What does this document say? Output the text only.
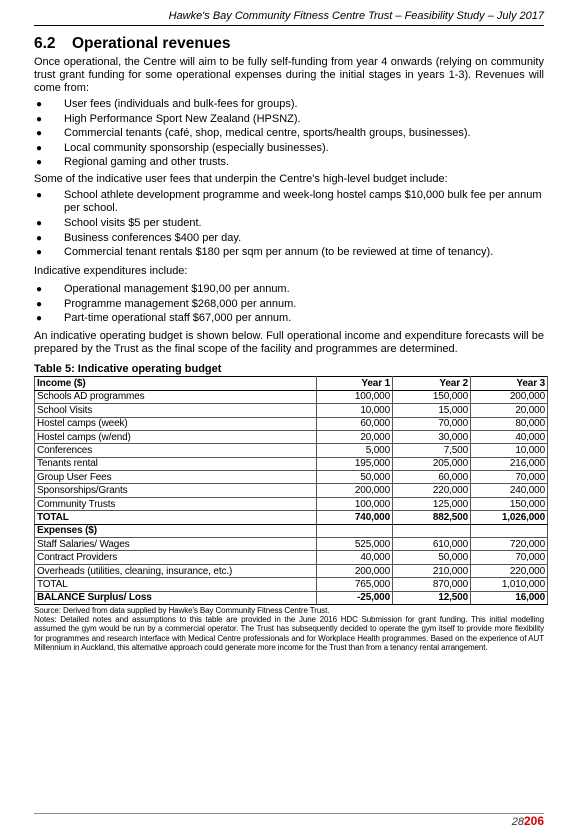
Hawke's Bay Community Fitness Centre Trust – Feasibility Study – July 2017
6.2	Operational revenues

Once operational, the Centre will aim to be fully self-funding from year 4 onwards (relying on community trust grant funding for some operational expenses during the initial stages in years 1-3). Revenues will come from:

● User fees (individuals and bulk-fees for groups).
● High Performance Sport New Zealand (HPSNZ).
● Commercial tenants (café, shop, medical centre, sports/health groups, businesses).
● Local community sponsorship (especially businesses).
● Regional gaming and other trusts.

Some of the indicative user fees that underpin the Centre's high-level budget include:

● School athlete development programme and week-long hostel camps $10,000 bulk fee per annum per school.
● School visits $5 per student.
● Business conferences $400 per day.
● Commercial tenant rentals $180 per sqm per annum (to be reviewed at time of tenancy).

Indicative expenditures include:

● Operational management $190,00 per annum.
● Programme management $268,000 per annum.
● Part-time operational staff $67,000 per annum.

An indicative operating budget is shown below. Full operational income and expenditure forecasts will be prepared by the Trust as the final scope of the facility and programmes are determined.

Table 5: Indicative operating budget
Income ($)	Year 1	Year 2	Year 3
Schools AD programmes	100,000	150,000	200,000
School Visits	10,000	15,000	20,000
Hostel camps (week)	60,000	70,000	80,000
Hostel camps (w/end)	20,000	30,000	40,000
Conferences	5,000	7,500	10,000
Tenants rental	195,000	205,000	216,000
Group User Fees	50,000	60,000	70,000
Sponsorships/Grants	200,000	220,000	240,000
Community Trusts	100,000	125,000	150,000
TOTAL	740,000	882,500	1,026,000
Expenses ($)			
Staff Salaries/ Wages	525,000	610,000	720,000
Contract Providers	40,000	50,000	70,000
Overheads (utilities, cleaning, insurance, etc.)	200,000	210,000	220,000
TOTAL	765,000	870,000	1,010,000
BALANCE Surplus/ Loss	-25,000	12,500	16,000
Source: Derived from data supplied by Hawke's Bay Community Fitness Centre Trust.
Notes: Detailed notes and assumptions to this table are provided in the June 2016 HDC Submission for grant funding. This initial modelling assumed the gym would be run by a commercial operator. The Trust has subsequently decided to operate the gym itself to provide more flexibility for programmes and research interface with Medical Centre professionals and for Workplace Health programmes. Based on the experience of AUT Millennium in Auckland, this alternative approach could generate more income for the Trust than from a tenancy rental arrangement.
28206
